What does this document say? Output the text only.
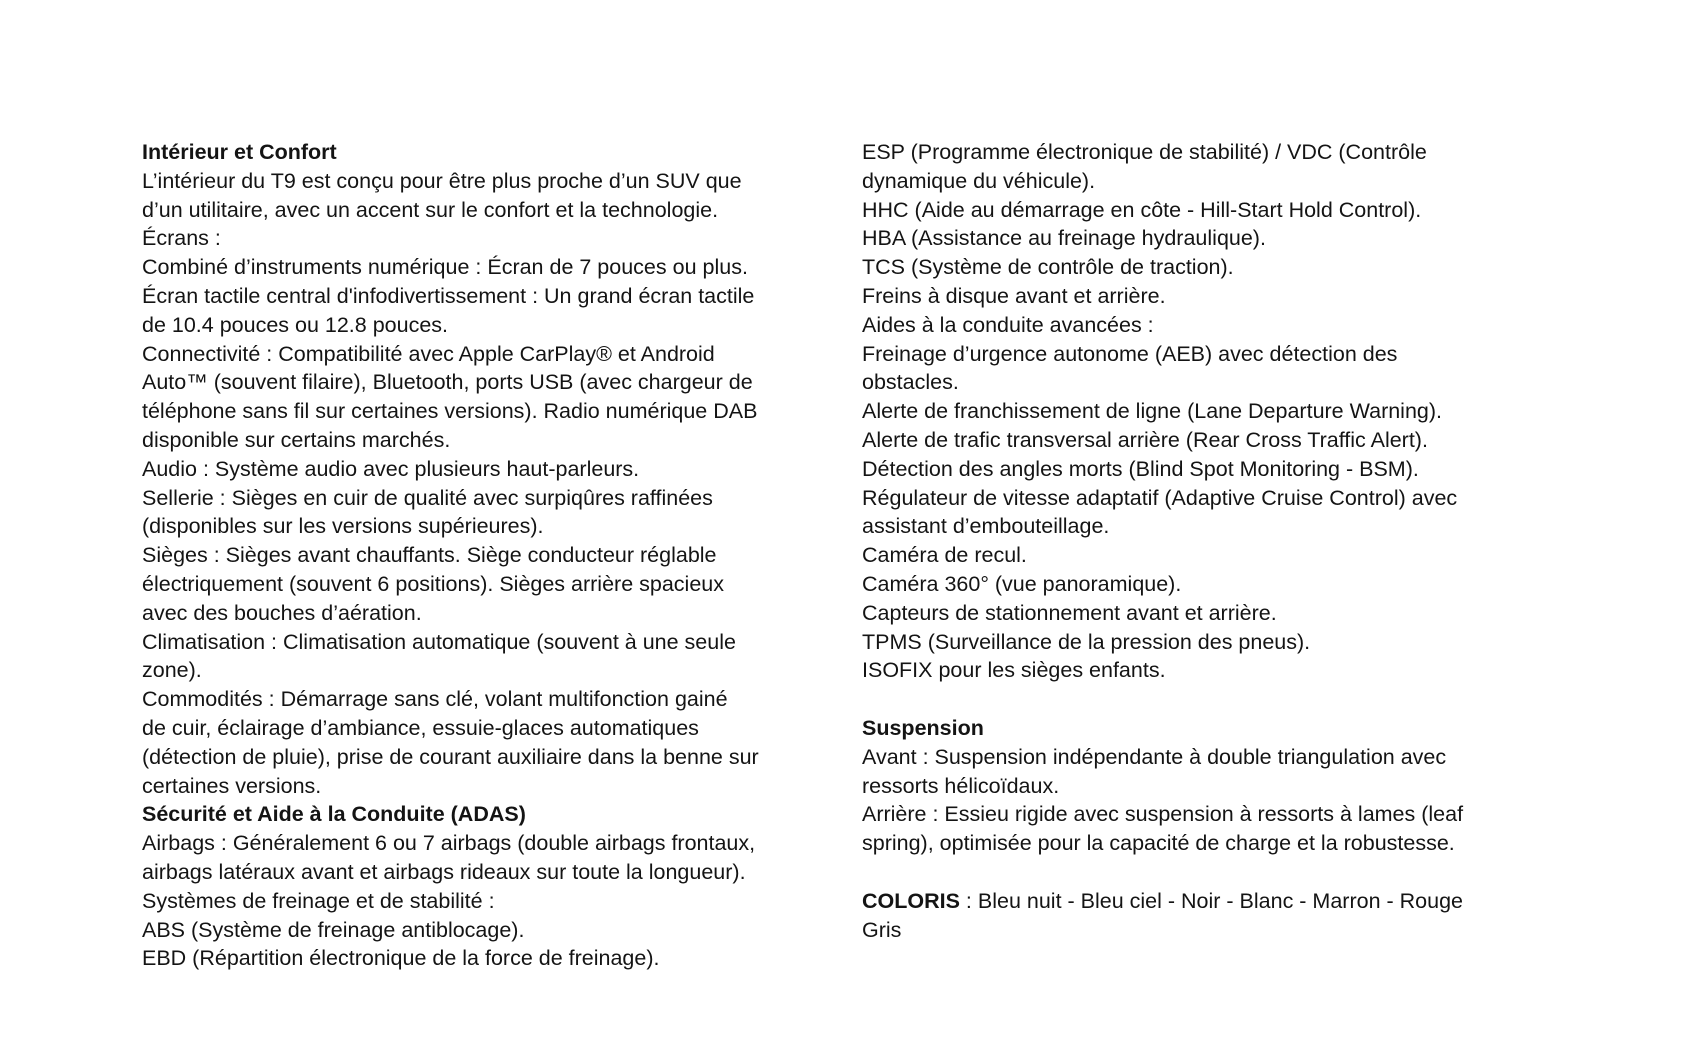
Intérieur et Confort
L’intérieur du T9 est conçu pour être plus proche d’un SUV que
d’un utilitaire, avec un accent sur le confort et la technologie.
Écrans :
Combiné d’instruments numérique : Écran de 7 pouces ou plus.
Écran tactile central d'infodivertissement : Un grand écran tactile
de 10.4 pouces ou 12.8 pouces.
Connectivité : Compatibilité avec Apple CarPlay® et Android
Auto™ (souvent filaire), Bluetooth, ports USB (avec chargeur de
téléphone sans fil sur certaines versions). Radio numérique DAB
disponible sur certains marchés.
Audio : Système audio avec plusieurs haut-parleurs.
Sellerie : Sièges en cuir de qualité avec surpiqûres raffinées
(disponibles sur les versions supérieures).
Sièges : Sièges avant chauffants. Siège conducteur réglable
électriquement (souvent 6 positions). Sièges arrière spacieux
avec des bouches d’aération.
Climatisation : Climatisation automatique (souvent à une seule
zone).
Commodités : Démarrage sans clé, volant multifonction gainé
de cuir, éclairage d’ambiance, essuie-glaces automatiques
(détection de pluie), prise de courant auxiliaire dans la benne sur
certaines versions.
Sécurité et Aide à la Conduite (ADAS)
Airbags : Généralement 6 ou 7 airbags (double airbags frontaux,
airbags latéraux avant et airbags rideaux sur toute la longueur).
Systèmes de freinage et de stabilité :
ABS (Système de freinage antiblocage).
EBD (Répartition électronique de la force de freinage).
ESP (Programme électronique de stabilité) / VDC (Contrôle
dynamique du véhicule).
HHC (Aide au démarrage en côte - Hill-Start Hold Control).
HBA (Assistance au freinage hydraulique).
TCS (Système de contrôle de traction).
Freins à disque avant et arrière.
Aides à la conduite avancées :
Freinage d’urgence autonome (AEB) avec détection des
obstacles.
Alerte de franchissement de ligne (Lane Departure Warning).
Alerte de trafic transversal arrière (Rear Cross Traffic Alert).
Détection des angles morts (Blind Spot Monitoring - BSM).
Régulateur de vitesse adaptatif (Adaptive Cruise Control) avec
assistant d’embouteillage.
Caméra de recul.
Caméra 360° (vue panoramique).
Capteurs de stationnement avant et arrière.
TPMS (Surveillance de la pression des pneus).
ISOFIX pour les sièges enfants.
Suspension
Avant : Suspension indépendante à double triangulation avec
ressorts hélicoïdaux.
Arrière : Essieu rigide avec suspension à ressorts à lames (leaf
spring), optimisée pour la capacité de charge et la robustesse.
COLORIS : Bleu nuit - Bleu ciel - Noir - Blanc - Marron - Rouge
Gris
